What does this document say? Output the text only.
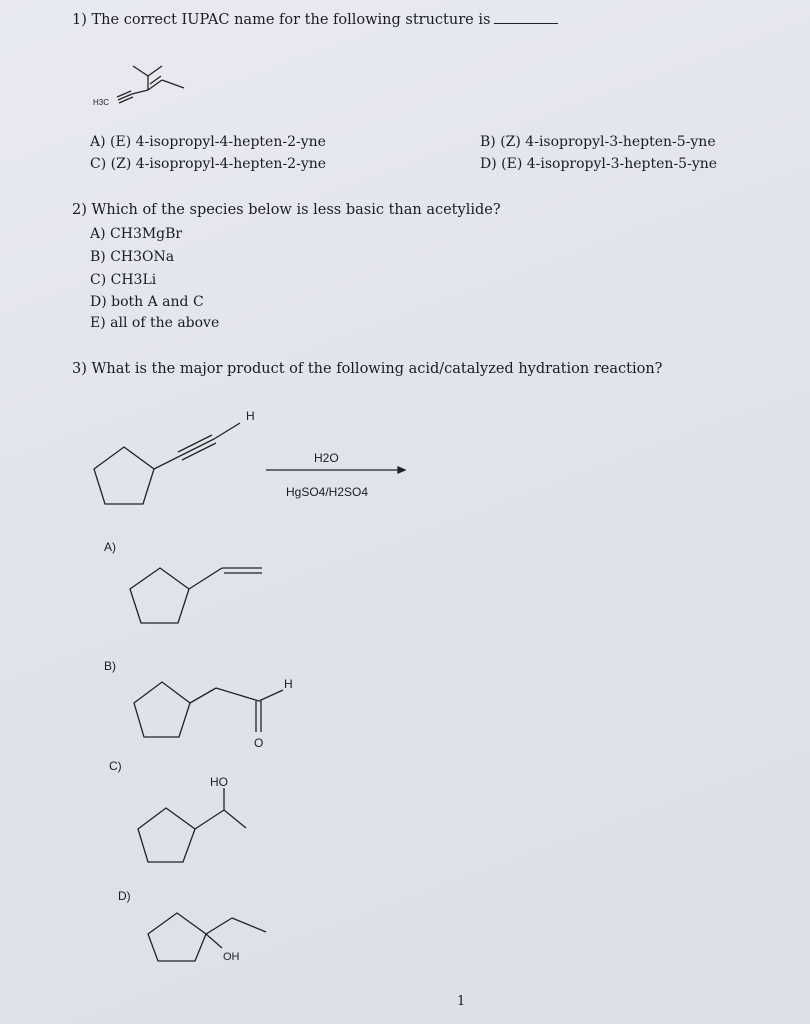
1) The correct IUPAC name for the following structure is
H3C
A) (E) 4-isopropyl-4-hepten-2-yne
C) (Z) 4-isopropyl-4-hepten-2-yne
B) (Z) 4-isopropyl-3-hepten-5-yne
D) (E) 4-isopropyl-3-hepten-5-yne
2) Which of the species below is less basic than acetylide?
A) CH3MgBr
B) CH3ONa
C) CH3Li
D) both A and C
E) all of the above
3) What is the major product of the following acid/catalyzed hydration reaction?
H
H2O
HgSO4/H2SO4
A)
B)
H
O
C)
HO
D)
OH
1
